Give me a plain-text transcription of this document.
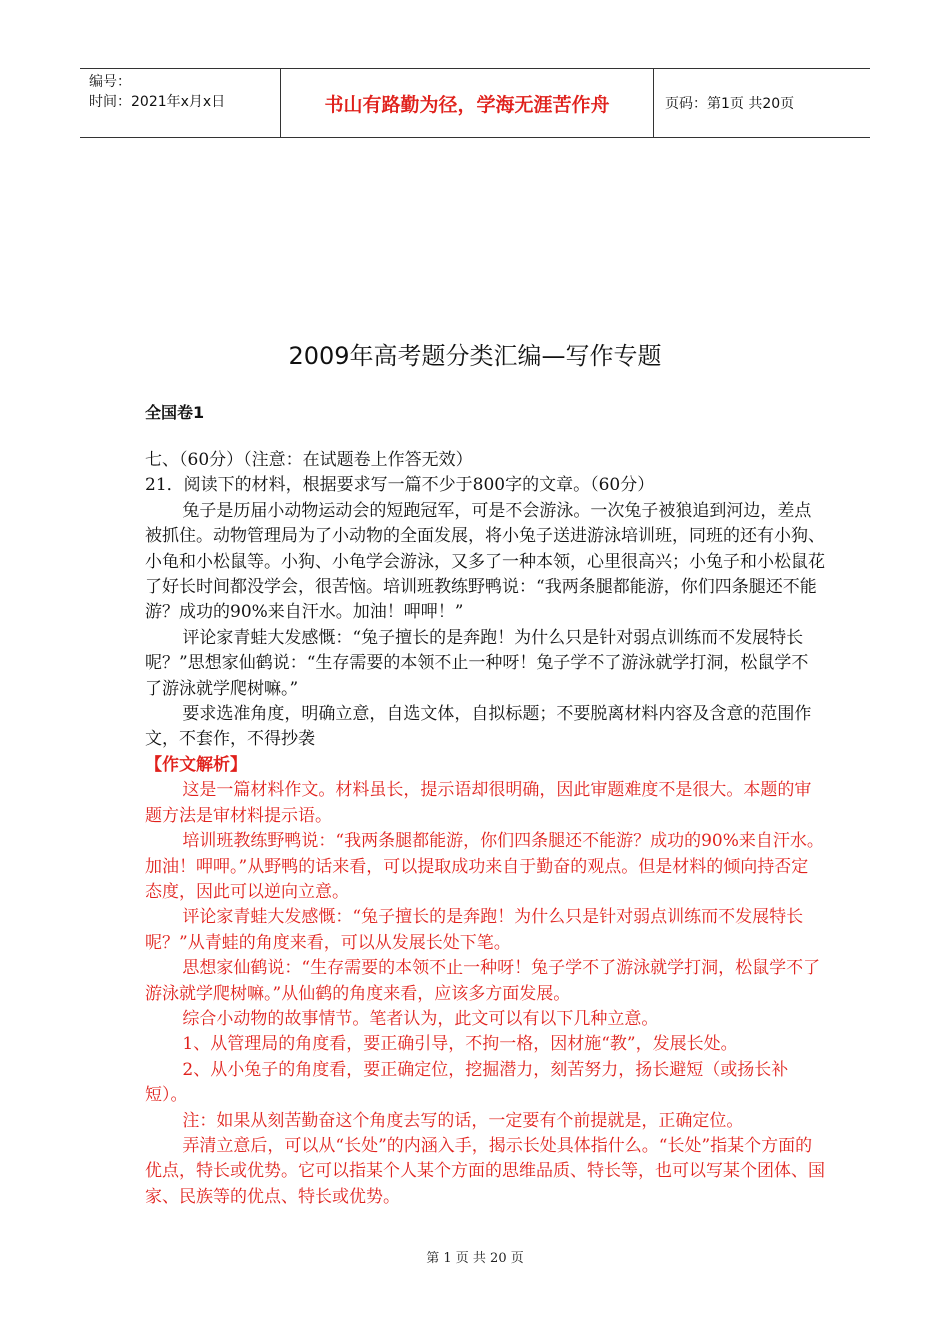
编号：
时间：2021年x月x日	书山有路勤为径，学海无涯苦作舟	页码：第1页 共20页
2009年高考题分类汇编—写作专题
全国卷1

七、（60分）（注意：在试题卷上作答无效）

21．阅读下的材料，根据要求写一篇不少于800字的文章。（60分）

兔子是历届小动物运动会的短跑冠军，可是不会游泳。一次兔子被狼追到河边，差点被抓住。动物管理局为了小动物的全面发展，将小兔子送进游泳培训班，同班的还有小狗、小龟和小松鼠等。小狗、小龟学会游泳，又多了一种本领，心里很高兴；小兔子和小松鼠花了好长时间都没学会，很苦恼。培训班教练野鸭说：“我两条腿都能游，你们四条腿还不能游？成功的90%来自汗水。加油！呷呷！”

评论家青蛙大发感慨：“兔子擅长的是奔跑！为什么只是针对弱点训练而不发展特长呢？”思想家仙鹤说：“生存需要的本领不止一种呀！兔子学不了游泳就学打洞，松鼠学不了游泳就学爬树嘛。”

要求选准角度，明确立意，自选文体，自拟标题；不要脱离材料内容及含意的范围作文，不套作，不得抄袭

【作文解析】

这是一篇材料作文。材料虽长，提示语却很明确，因此审题难度不是很大。本题的审题方法是审材料提示语。

培训班教练野鸭说：“我两条腿都能游，你们四条腿还不能游？成功的90%来自汗水。加油！呷呷。”从野鸭的话来看，可以提取成功来自于勤奋的观点。但是材料的倾向持否定态度，因此可以逆向立意。

评论家青蛙大发感慨：“兔子擅长的是奔跑！为什么只是针对弱点训练而不发展特长呢？”从青蛙的角度来看，可以从发展长处下笔。

思想家仙鹤说：“生存需要的本领不止一种呀！兔子学不了游泳就学打洞，松鼠学不了游泳就学爬树嘛。”从仙鹤的角度来看，应该多方面发展。

综合小动物的故事情节。笔者认为，此文可以有以下几种立意。

1、从管理局的角度看，要正确引导，不拘一格，因材施“教”，发展长处。

2、从小兔子的角度看，要正确定位，挖掘潜力，刻苦努力，扬长避短（或扬长补短）。

注：如果从刻苦勤奋这个角度去写的话，一定要有个前提就是，正确定位。

弄清立意后，可以从“长处”的内涵入手，揭示长处具体指什么。“长处”指某个方面的优点，特长或优势。它可以指某个人某个方面的思维品质、特长等，也可以写某个团体、国家、民族等的优点、特长或优势。

第 1 页 共 20 页
